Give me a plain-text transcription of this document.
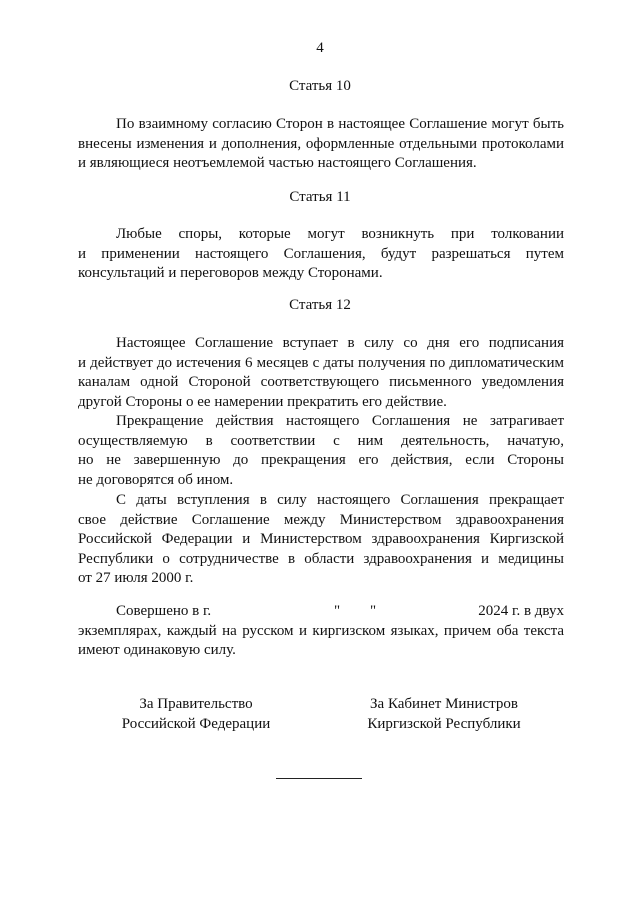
4
Статья 10
По взаимному согласию Сторон в настоящее Соглашение могут быть
внесены изменения и дополнения, оформленные отдельными протоколами
и являющиеся неотъемлемой частью настоящего Соглашения.
Статья 11
Любые споры, которые могут возникнуть при толковании
и применении настоящего Соглашения, будут разрешаться путем
консультаций и переговоров между Сторонами.
Статья 12
Настоящее Соглашение вступает в силу со дня его подписания
и действует до истечения 6 месяцев с даты получения по дипломатическим
каналам одной Стороной соответствующего письменного уведомления
другой Стороны о ее намерении прекратить его действие.
Прекращение действия настоящего Соглашения не затрагивает
осуществляемую в соответствии с ним деятельность, начатую,
но не завершенную до прекращения его действия, если Стороны
не договорятся об ином.
С даты вступления в силу настоящего Соглашения прекращает
свое действие Соглашение между Министерством здравоохранения
Российской Федерации и Министерством здравоохранения Киргизской
Республики о сотрудничестве в области здравоохранения и медицины
от 27 июля 2000 г.
Совершено в г.	" "	2024 г. в двух
экземплярах, каждый на русском и киргизском языках, причем оба текста
имеют одинаковую силу.
За Правительство
Российской Федерации
За Кабинет Министров
Киргизской Республики
